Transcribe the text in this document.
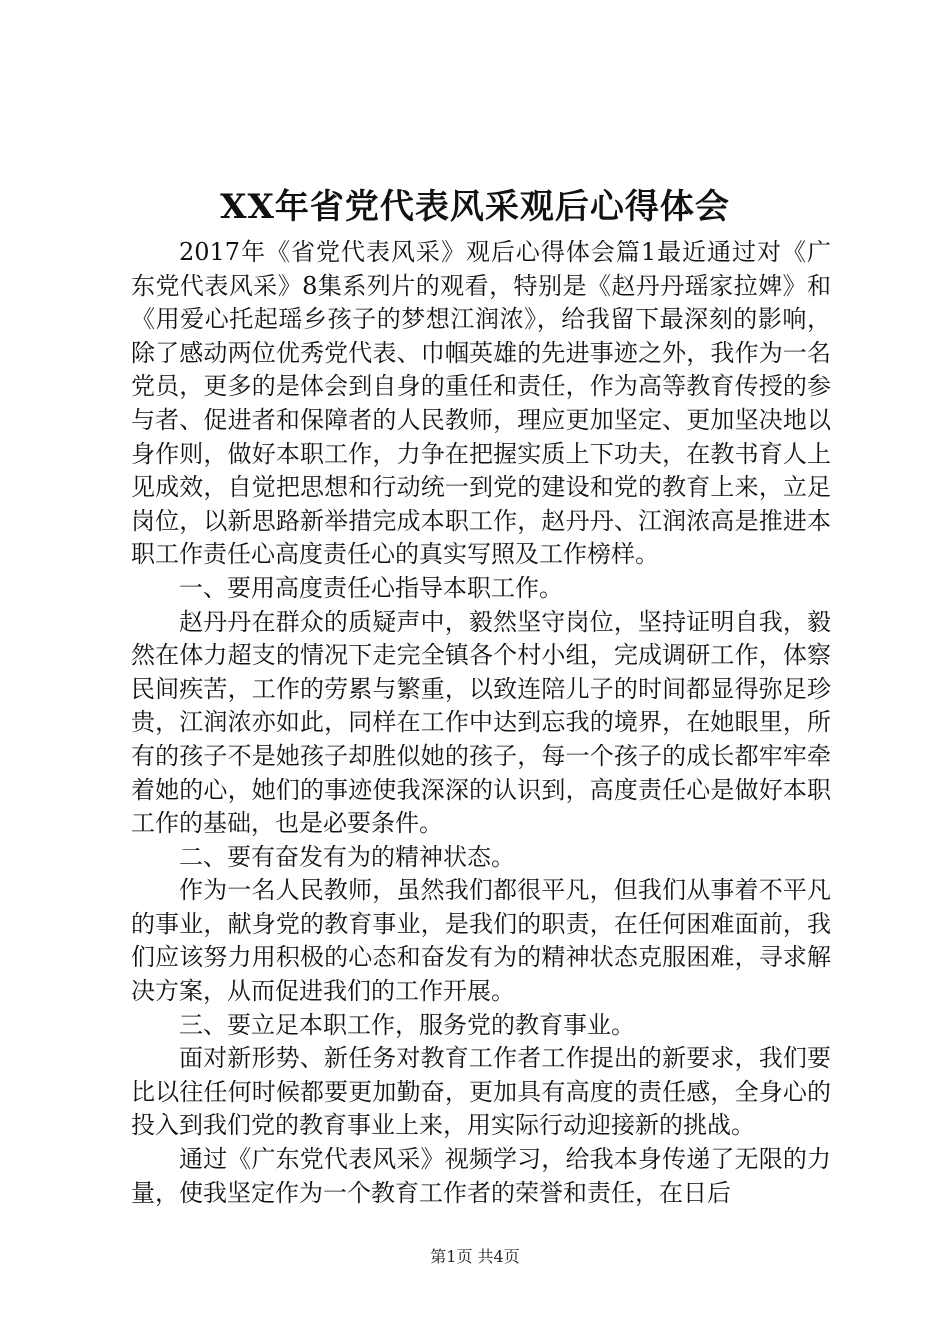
XX年省党代表风采观后心得体会

2017年《省党代表风采》观后心得体会篇1最近通过对《广东党代表风采》8集系列片的观看，特别是《赵丹丹瑶家拉婢》和《用爱心托起瑶乡孩子的梦想江润浓》，给我留下最深刻的影响，除了感动两位优秀党代表、巾帼英雄的先进事迹之外，我作为一名党员，更多的是体会到自身的重任和责任，作为高等教育传授的参与者、促进者和保障者的人民教师，理应更加坚定、更加坚决地以身作则，做好本职工作，力争在把握实质上下功夫，在教书育人上见成效，自觉把思想和行动统一到党的建设和党的教育上来，立足岗位，以新思路新举措完成本职工作，赵丹丹、江润浓高是推进本职工作责任心高度责任心的真实写照及工作榜样。

一、要用高度责任心指导本职工作。

赵丹丹在群众的质疑声中，毅然坚守岗位，坚持证明自我，毅然在体力超支的情况下走完全镇各个村小组，完成调研工作，体察民间疾苦，工作的劳累与繁重，以致连陪儿子的时间都显得弥足珍贵，江润浓亦如此，同样在工作中达到忘我的境界，在她眼里，所有的孩子不是她孩子却胜似她的孩子，每一个孩子的成长都牢牢牵着她的心，她们的事迹使我深深的认识到，高度责任心是做好本职工作的基础，也是必要条件。

二、要有奋发有为的精神状态。

作为一名人民教师，虽然我们都很平凡，但我们从事着不平凡的事业，献身党的教育事业，是我们的职责，在任何困难面前，我们应该努力用积极的心态和奋发有为的精神状态克服困难，寻求解决方案，从而促进我们的工作开展。

三、要立足本职工作，服务党的教育事业。

面对新形势、新任务对教育工作者工作提出的新要求，我们要比以往任何时候都要更加勤奋，更加具有高度的责任感，全身心的投入到我们党的教育事业上来，用实际行动迎接新的挑战。

通过《广东党代表风采》视频学习，给我本身传递了无限的力量，使我坚定作为一个教育工作者的荣誉和责任，在日后

第1页 共4页
